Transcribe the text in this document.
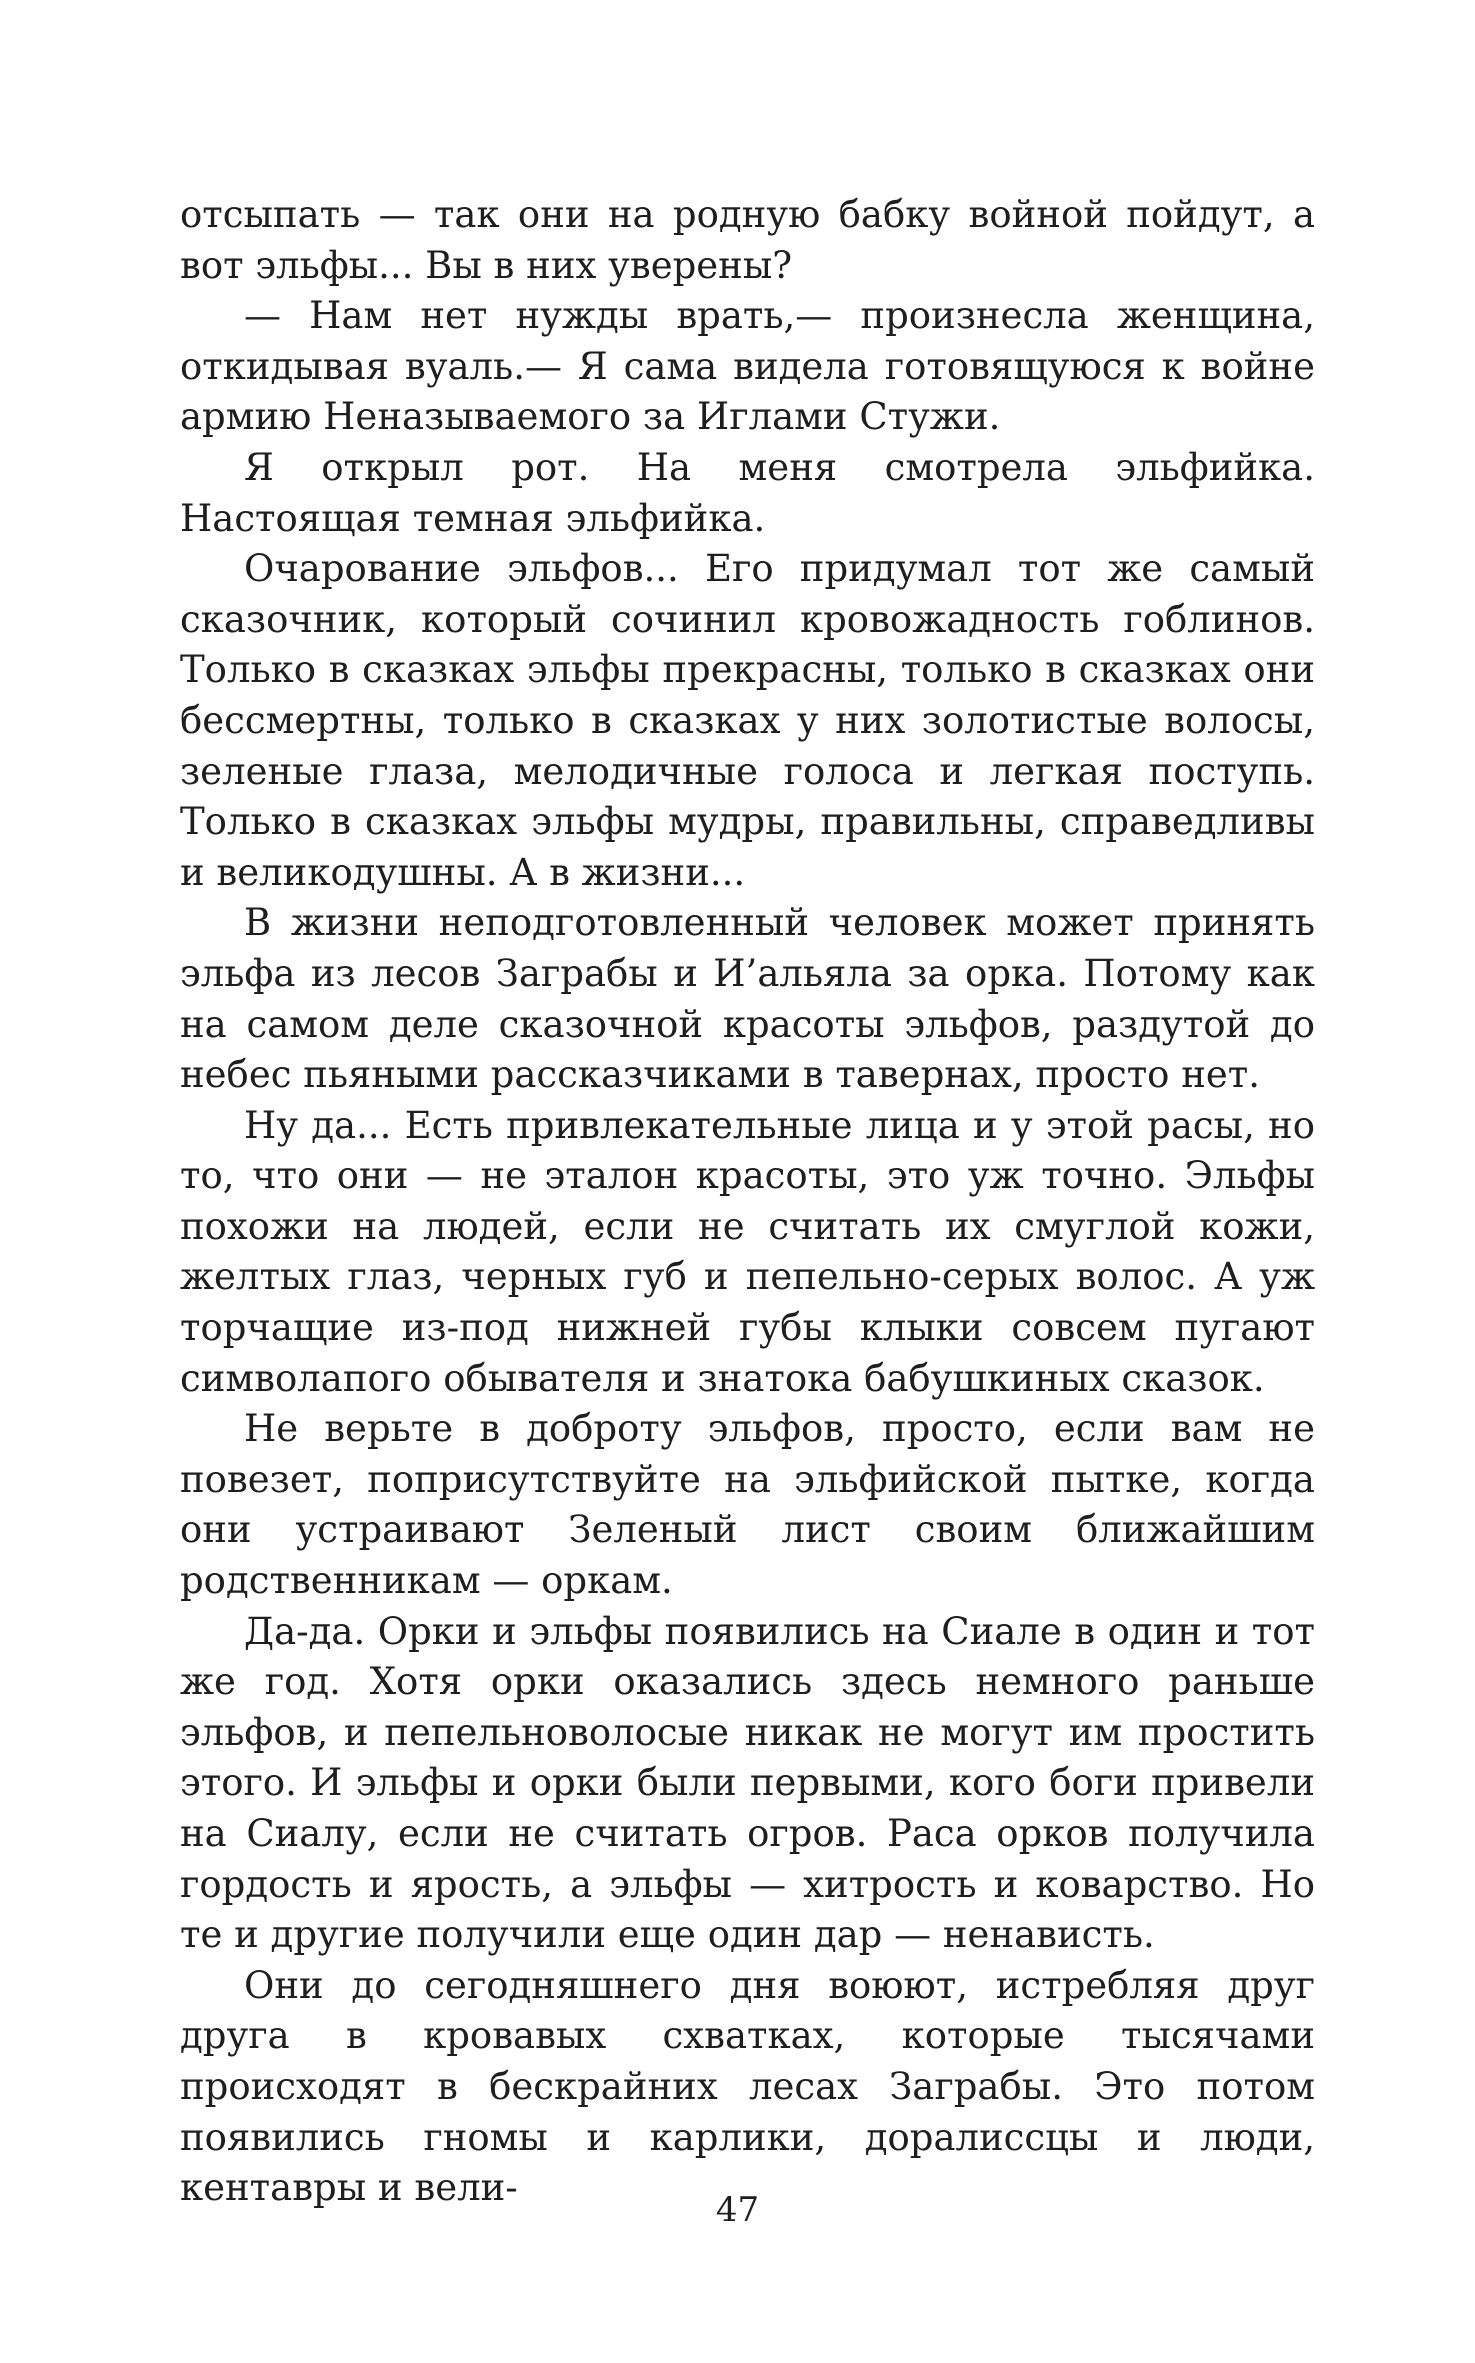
отсыпать — так они на родную бабку войной пойдут, а вот эльфы... Вы в них уверены?

— Нам нет нужды врать,— произнесла женщина, откидывая вуаль.— Я сама видела готовящуюся к войне армию Неназываемого за Иглами Стужи.

Я открыл рот. На меня смотрела эльфийка. Настоящая темная эльфийка.

Очарование эльфов... Его придумал тот же самый сказочник, который сочинил кровожадность гоблинов. Только в сказках эльфы прекрасны, только в сказках они бессмертны, только в сказках у них золотистые волосы, зеленые глаза, мелодичные голоса и легкая поступь. Только в сказках эльфы мудры, правильны, справедливы и великодушны. А в жизни...

В жизни неподготовленный человек может принять эльфа из лесов Заграбы и И’альяла за орка. Потому как на самом деле сказочной красоты эльфов, раздутой до небес пьяными рассказчиками в тавернах, просто нет.

Ну да... Есть привлекательные лица и у этой расы, но то, что они — не эталон красоты, это уж точно. Эльфы похожи на людей, если не считать их смуглой кожи, желтых глаз, черных губ и пепельно-серых волос. А уж торчащие из-под нижней губы клыки совсем пугают символапого обывателя и знатока бабушкиных сказок.

Не верьте в доброту эльфов, просто, если вам не повезет, поприсутствуйте на эльфийской пытке, когда они устраивают Зеленый лист своим ближайшим родственникам — оркам.

Да-да. Орки и эльфы появились на Сиале в один и тот же год. Хотя орки оказались здесь немного раньше эльфов, и пепельноволосые никак не могут им простить этого. И эльфы и орки были первыми, кого боги привели на Сиалу, если не считать огров. Раса орков получила гордость и ярость, а эльфы — хитрость и коварство. Но те и другие получили еще один дар — ненависть.

Они до сегодняшнего дня воюют, истребляя друг друга в кровавых схватках, которые тысячами происходят в бескрайних лесах Заграбы. Это потом появились гномы и карлики, доралиссцы и люди, кентавры и вели-

47
